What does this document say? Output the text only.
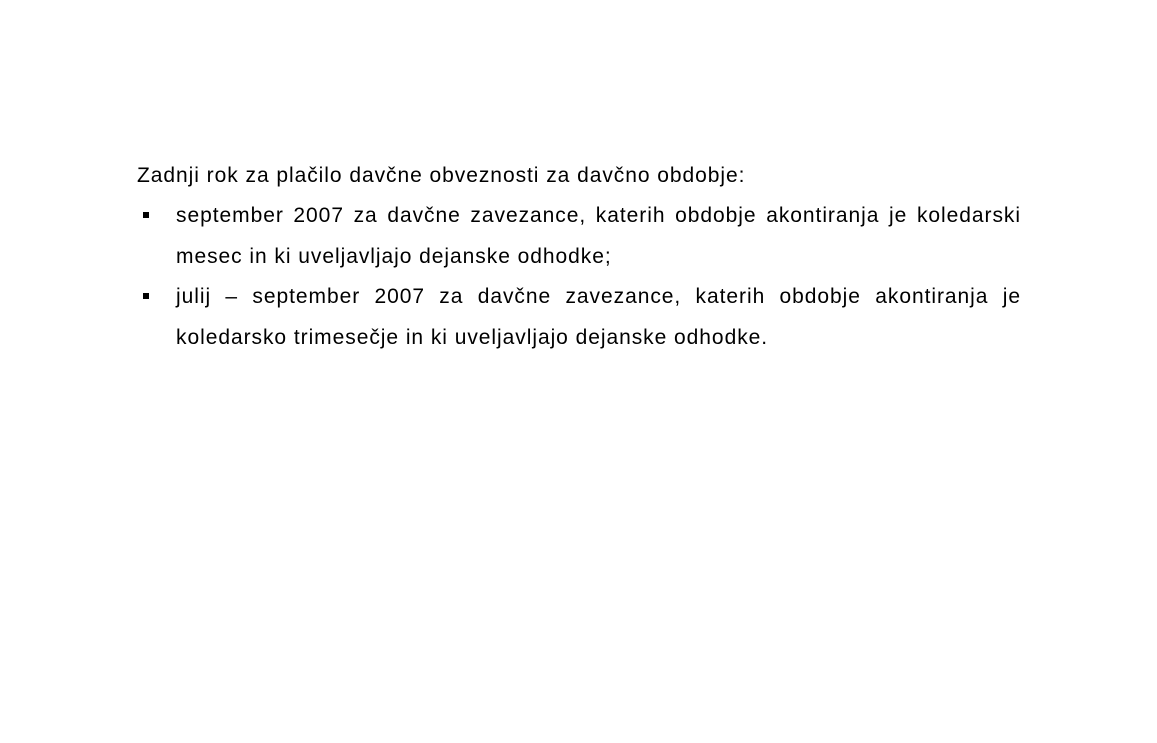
Zadnji rok za plačilo davčne obveznosti za davčno obdobje:
september 2007 za davčne zavezance, katerih obdobje akontiranja je koledarski
mesec in ki uveljavljajo dejanske odhodke;
julij – september 2007 za davčne zavezance, katerih obdobje akontiranja je
koledarsko trimesečje in ki uveljavljajo dejanske odhodke.
